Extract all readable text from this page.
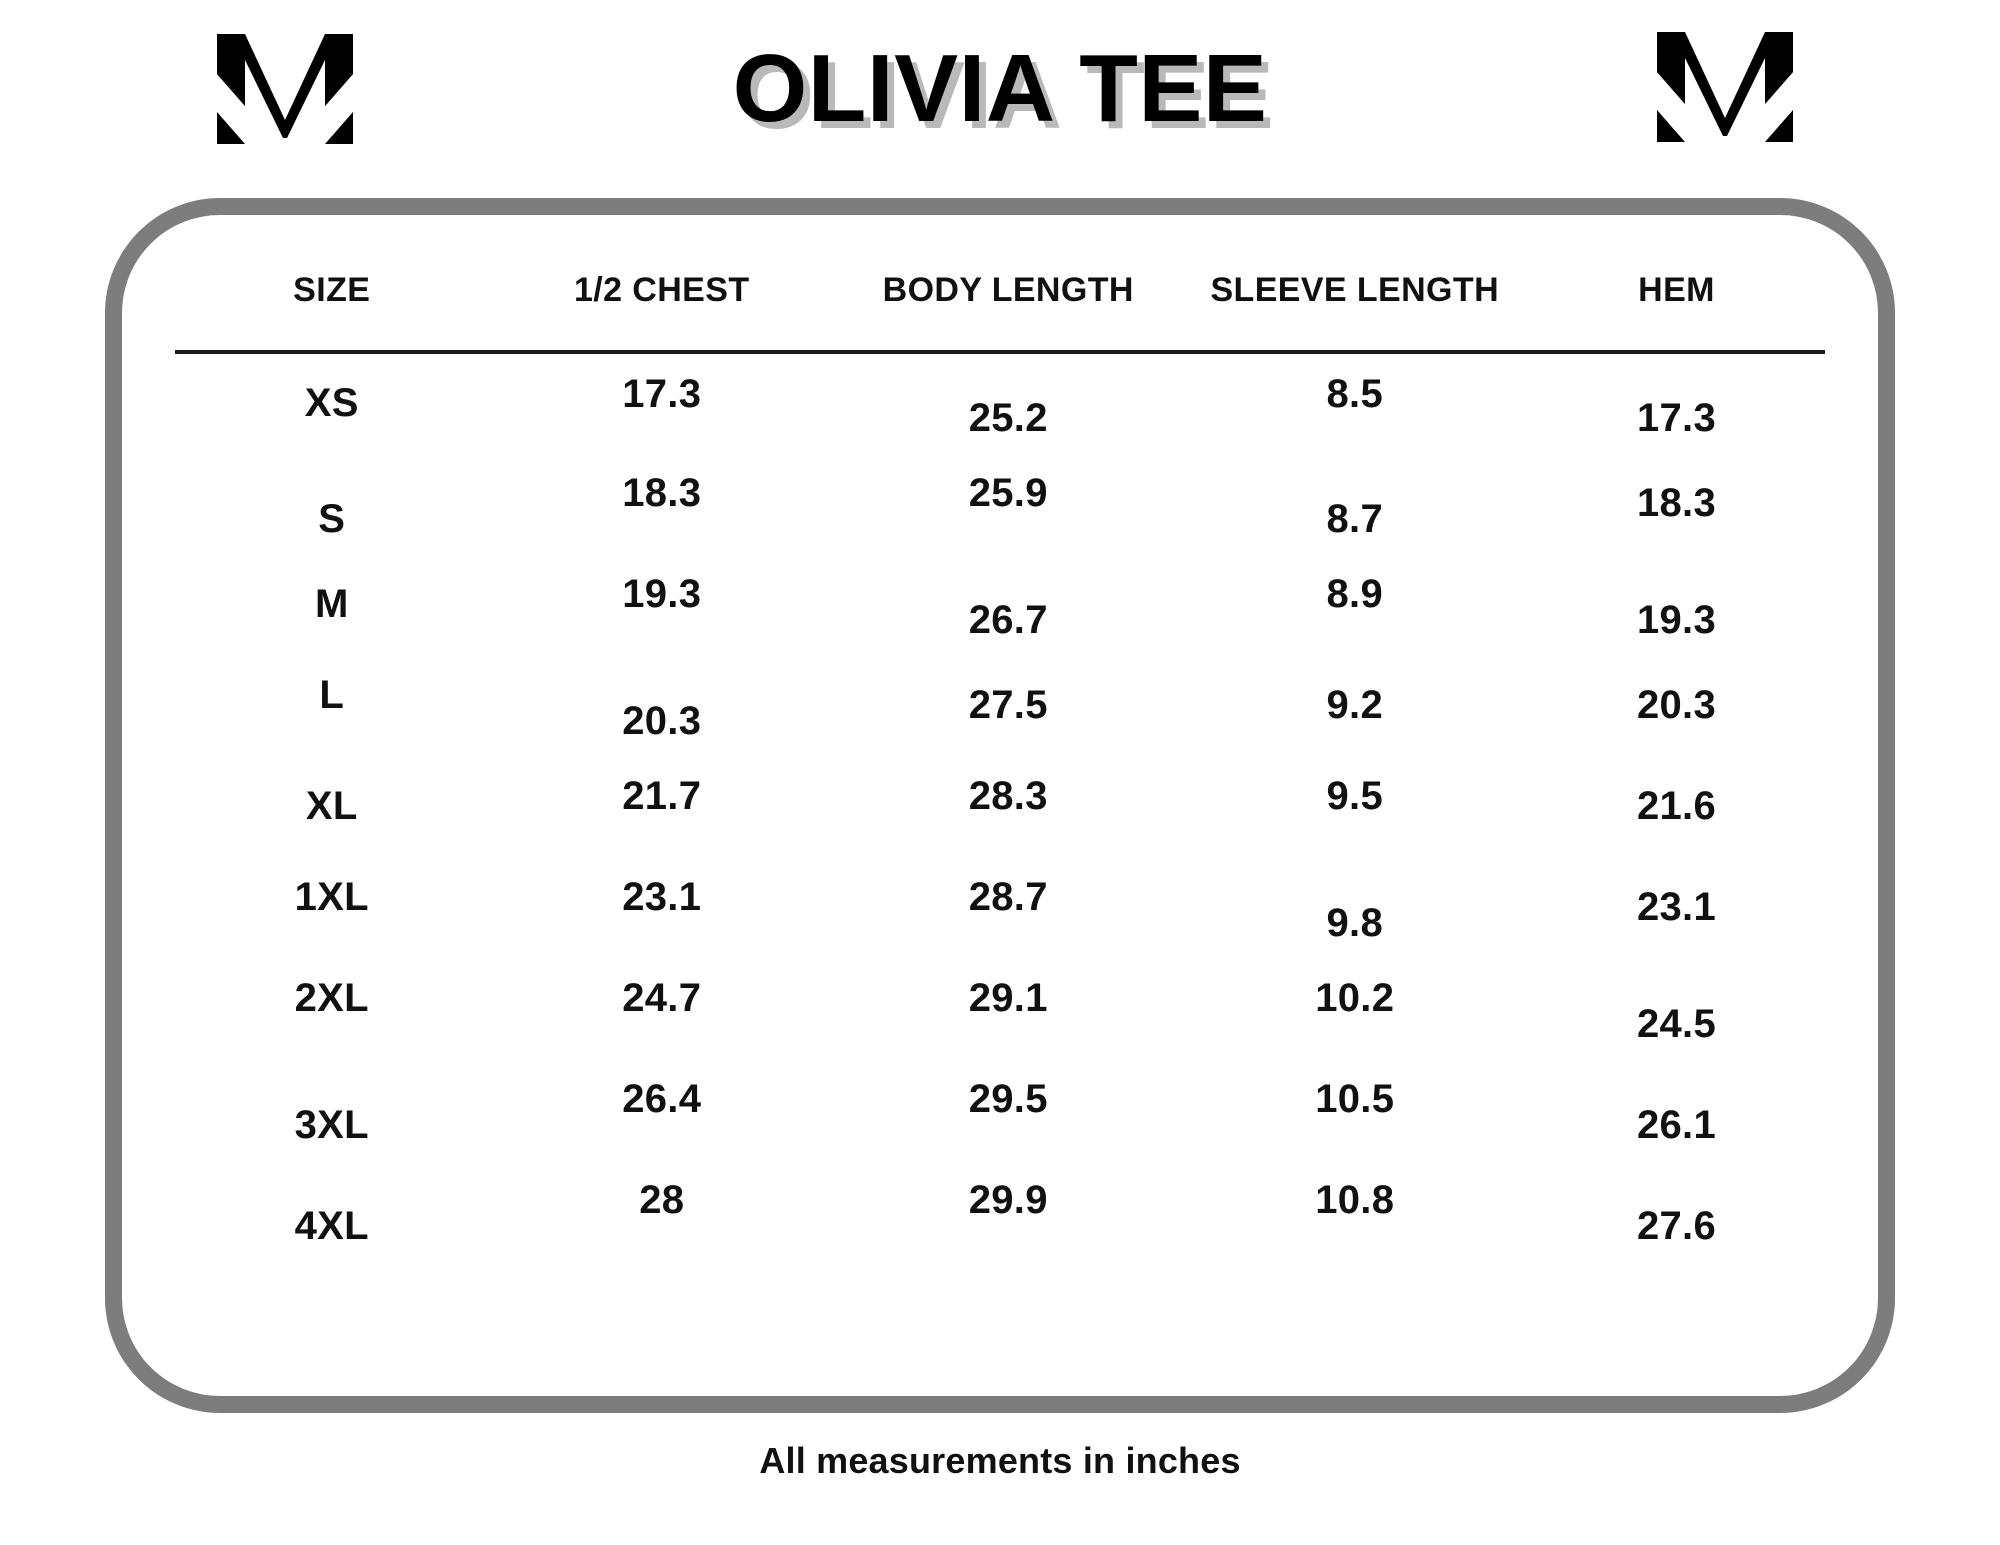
OLIVIA TEE
SIZE	1/2 CHEST	BODY LENGTH	SLEEVE LENGTH	HEM
XS	17.3	25.2	8.5	17.3
S	18.3	25.9	8.7	18.3
M	19.3	26.7	8.9	19.3
L	20.3	27.5	9.2	20.3
XL	21.7	28.3	9.5	21.6
1XL	23.1	28.7	9.8	23.1
2XL	24.7	29.1	10.2	24.5
3XL	26.4	29.5	10.5	26.1
4XL	28	29.9	10.8	27.6
All measurements in inches
